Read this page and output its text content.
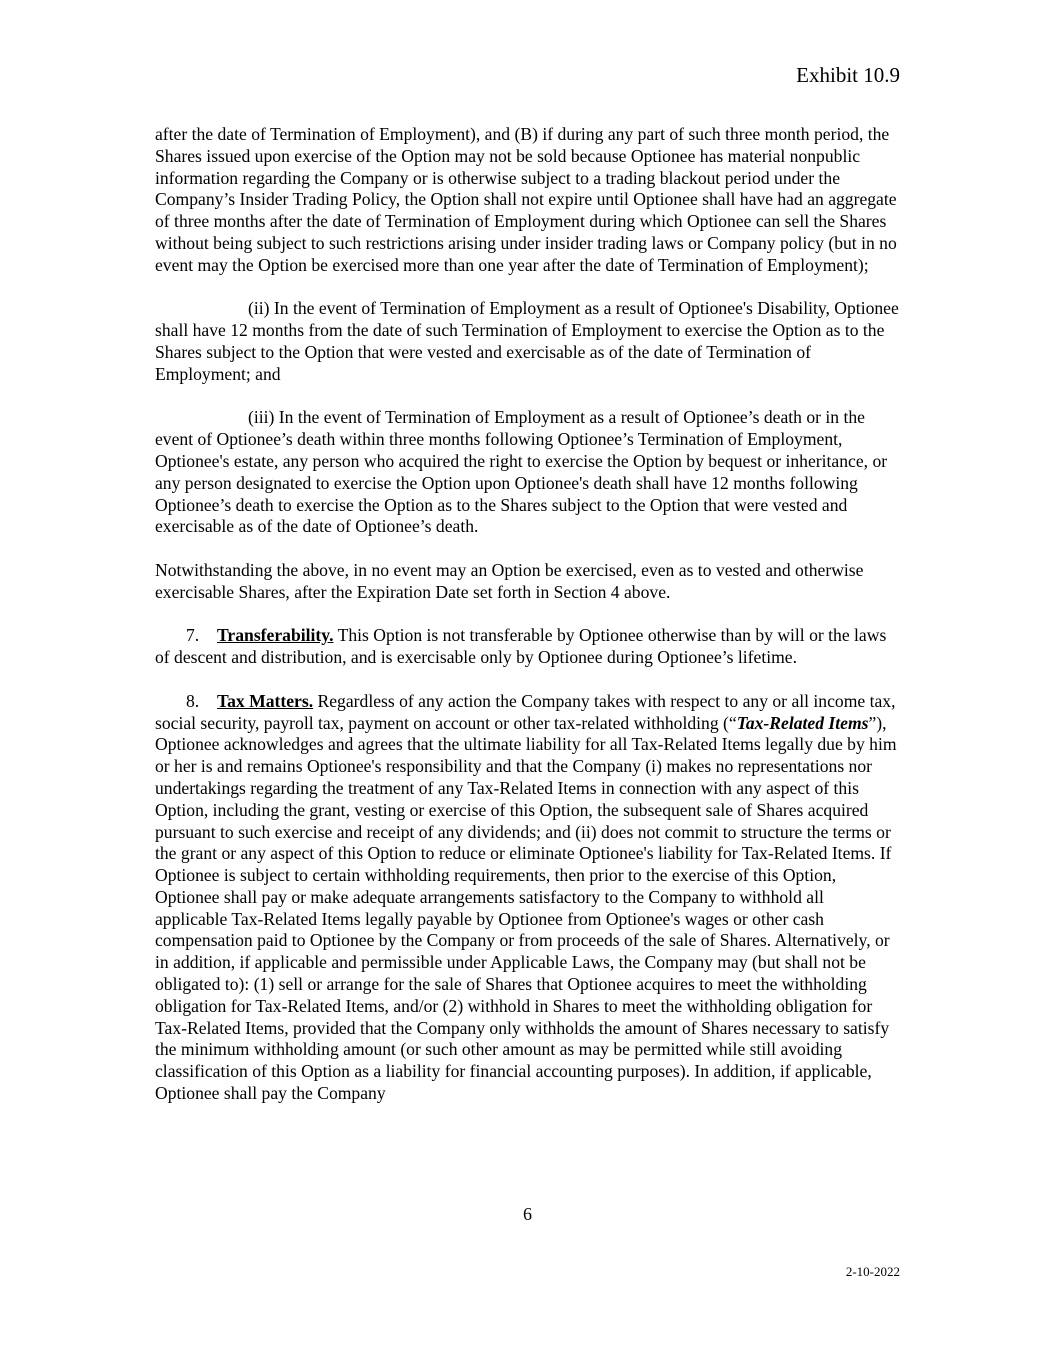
Exhibit 10.9

after the date of Termination of Employment), and (B) if during any part of such three month period, the Shares issued upon exercise of the Option may not be sold because Optionee has material nonpublic information regarding the Company or is otherwise subject to a trading blackout period under the Company’s Insider Trading Policy, the Option shall not expire until Optionee shall have had an aggregate of three months after the date of Termination of Employment during which Optionee can sell the Shares without being subject to such restrictions arising under insider trading laws or Company policy (but in no event may the Option be exercised more than one year after the date of Termination of Employment);

(ii) In the event of Termination of Employment as a result of Optionee's Disability, Optionee shall have 12 months from the date of such Termination of Employment to exercise the Option as to the Shares subject to the Option that were vested and exercisable as of the date of Termination of Employment; and

(iii) In the event of Termination of Employment as a result of Optionee’s death or in the event of Optionee’s death within three months following Optionee’s Termination of Employment, Optionee's estate, any person who acquired the right to exercise the Option by bequest or inheritance, or any person designated to exercise the Option upon Optionee's death shall have 12 months following Optionee’s death to exercise the Option as to the Shares subject to the Option that were vested and exercisable as of the date of Optionee’s death.

Notwithstanding the above, in no event may an Option be exercised, even as to vested and otherwise exercisable Shares, after the Expiration Date set forth in Section 4 above.

7. Transferability. This Option is not transferable by Optionee otherwise than by will or the laws of descent and distribution, and is exercisable only by Optionee during Optionee’s lifetime.

8. Tax Matters. Regardless of any action the Company takes with respect to any or all income tax, social security, payroll tax, payment on account or other tax-related withholding (“Tax-Related Items”), Optionee acknowledges and agrees that the ultimate liability for all Tax-Related Items legally due by him or her is and remains Optionee's responsibility and that the Company (i) makes no representations nor undertakings regarding the treatment of any Tax-Related Items in connection with any aspect of this Option, including the grant, vesting or exercise of this Option, the subsequent sale of Shares acquired pursuant to such exercise and receipt of any dividends; and (ii) does not commit to structure the terms or the grant or any aspect of this Option to reduce or eliminate Optionee's liability for Tax-Related Items. If Optionee is subject to certain withholding requirements, then prior to the exercise of this Option, Optionee shall pay or make adequate arrangements satisfactory to the Company to withhold all applicable Tax-Related Items legally payable by Optionee from Optionee's wages or other cash compensation paid to Optionee by the Company or from proceeds of the sale of Shares. Alternatively, or in addition, if applicable and permissible under Applicable Laws, the Company may (but shall not be obligated to): (1) sell or arrange for the sale of Shares that Optionee acquires to meet the withholding obligation for Tax-Related Items, and/or (2) withhold in Shares to meet the withholding obligation for Tax-Related Items, provided that the Company only withholds the amount of Shares necessary to satisfy the minimum withholding amount (or such other amount as may be permitted while still avoiding classification of this Option as a liability for financial accounting purposes). In addition, if applicable, Optionee shall pay the Company

6
2-10-2022
